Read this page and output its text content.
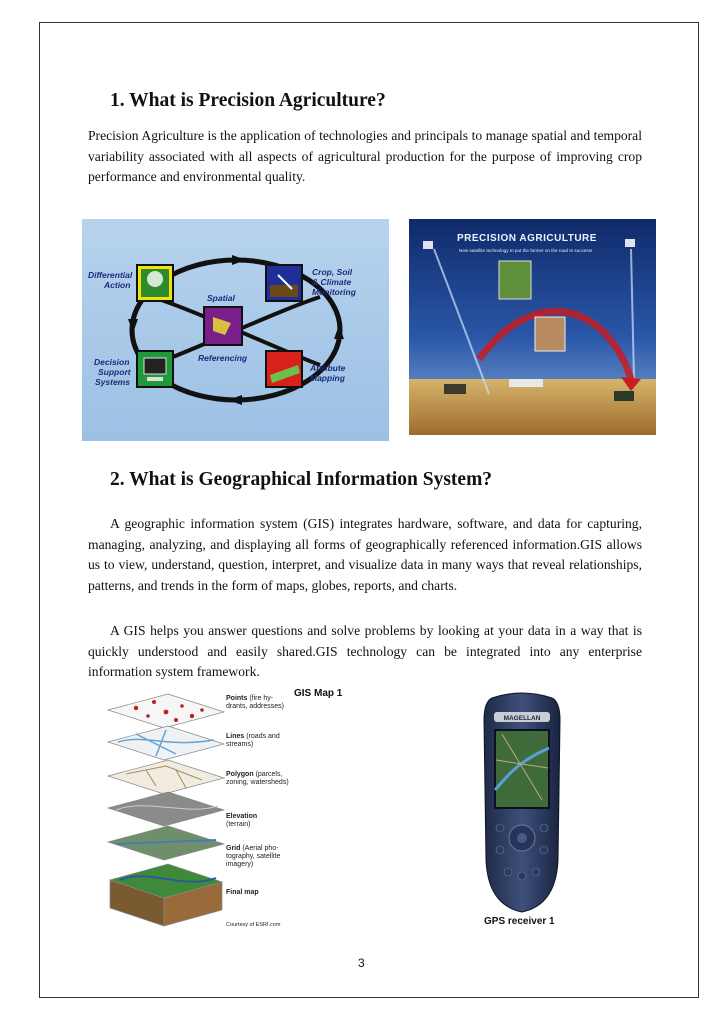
1. What is Precision Agriculture?

Precision Agriculture is the application of technologies and principals to manage spatial and temporal variability associated with all aspects of agricultural production for the purpose of improving crop performance and environmental quality.

Differential
Action
Crop, Soil
& Climate
Monitoring
Spatial
Referencing
Decision
Support
Systems
Attribute
Mapping
PRECISION AGRICULTURE
New satellite technology to put the farmer on the road to success!
2. What is Geographical Information System?

A geographic information system (GIS) integrates hardware, software, and data for capturing, managing, analyzing, and displaying all forms of geographically referenced information.GIS allows us to view, understand, question, interpret, and visualize data in many ways that reveal relationships, patterns, and trends in the form of maps, globes, reports, and charts.

A GIS helps you answer questions and solve problems by looking at your data in a way that is quickly understood and easily shared.GIS technology can be integrated into any enterprise information system framework.

GIS Map 1
Points (fire hy-
drants, addresses)
Lines (roads and
streams)
Polygon (parcels,
zoning, watersheds)
Elevation
(terrain)
Grid (Aerial pho-
tography, satellite
imagery)
Final map
Courtesy of ESRI.com
MAGELLAN
GPS receiver 1
3
